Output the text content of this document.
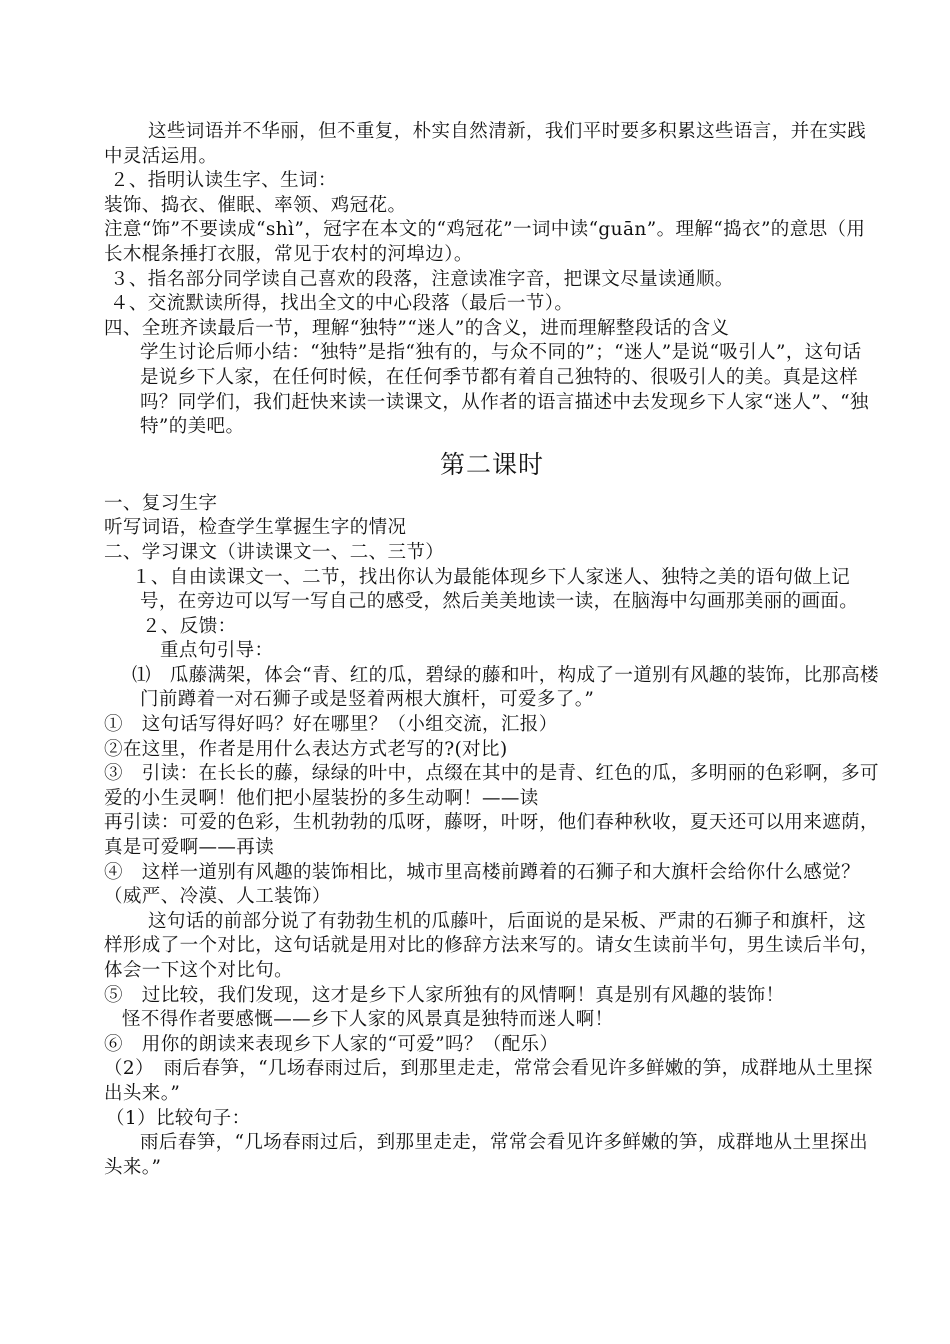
这些词语并不华丽，但不重复，朴实自然清新，我们平时要多积累这些语言，并在实践中灵活运用。

２、指明认读生字、生词：

装饰、捣衣、催眠、率领、鸡冠花。

注意“饰”不要读成“shì”，冠字在本文的“鸡冠花”一词中读“guān”。理解“捣衣”的意思（用长木棍条捶打衣服，常见于农村的河埠边）。

３、指名部分同学读自己喜欢的段落，注意读准字音，把课文尽量读通顺。

４、交流默读所得，找出全文的中心段落（最后一节）。

四、全班齐读最后一节，理解“独特”“迷人”的含义，进而理解整段话的含义

学生讨论后师小结：“独特”是指“独有的，与众不同的”；“迷人”是说“吸引人”，这句话是说乡下人家，在任何时候，在任何季节都有着自己独特的、很吸引人的美。真是这样吗？同学们，我们赶快来读一读课文，从作者的语言描述中去发现乡下人家“迷人”、“独特”的美吧。

第二课时

一、复习生字

听写词语，检查学生掌握生字的情况

二、学习课文（讲读课文一、二、三节）

１、自由读课文一、二节，找出你认为最能体现乡下人家迷人、独特之美的语句做上记号，在旁边可以写一写自己的感受，然后美美地读一读，在脑海中勾画那美丽的画面。

２、反馈：

重点句引导：

⑴　瓜藤满架，体会“青、红的瓜，碧绿的藤和叶，构成了一道别有风趣的装饰，比那高楼门前蹲着一对石狮子或是竖着两根大旗杆，可爱多了。”

①　这句话写得好吗？好在哪里？（小组交流，汇报）

②在这里，作者是用什么表达方式老写的?(对比)

③　引读：在长长的藤，绿绿的叶中，点缀在其中的是青、红色的瓜，多明丽的色彩啊，多可爱的小生灵啊！他们把小屋装扮的多生动啊！——读

再引读：可爱的色彩，生机勃勃的瓜呀，藤呀，叶呀，他们春种秋收，夏天还可以用来遮荫，真是可爱啊——再读

④　这样一道别有风趣的装饰相比，城市里高楼前蹲着的石狮子和大旗杆会给你什么感觉？（威严、冷漠、人工装饰）

这句话的前部分说了有勃勃生机的瓜藤叶，后面说的是呆板、严肃的石狮子和旗杆，这样形成了一个对比，这句话就是用对比的修辞方法来写的。请女生读前半句，男生读后半句，体会一下这个对比句。

⑤　过比较，我们发现，这才是乡下人家所独有的风情啊！真是别有风趣的装饰！

怪不得作者要感慨——乡下人家的风景真是独特而迷人啊！

⑥　用你的朗读来表现乡下人家的“可爱”吗？（配乐）

（2）　雨后春笋，“几场春雨过后，到那里走走，常常会看见许多鲜嫩的笋，成群地从土里探出头来。”

（1）比较句子：

雨后春笋，“几场春雨过后，到那里走走，常常会看见许多鲜嫩的笋，成群地从土里探出头来。”
